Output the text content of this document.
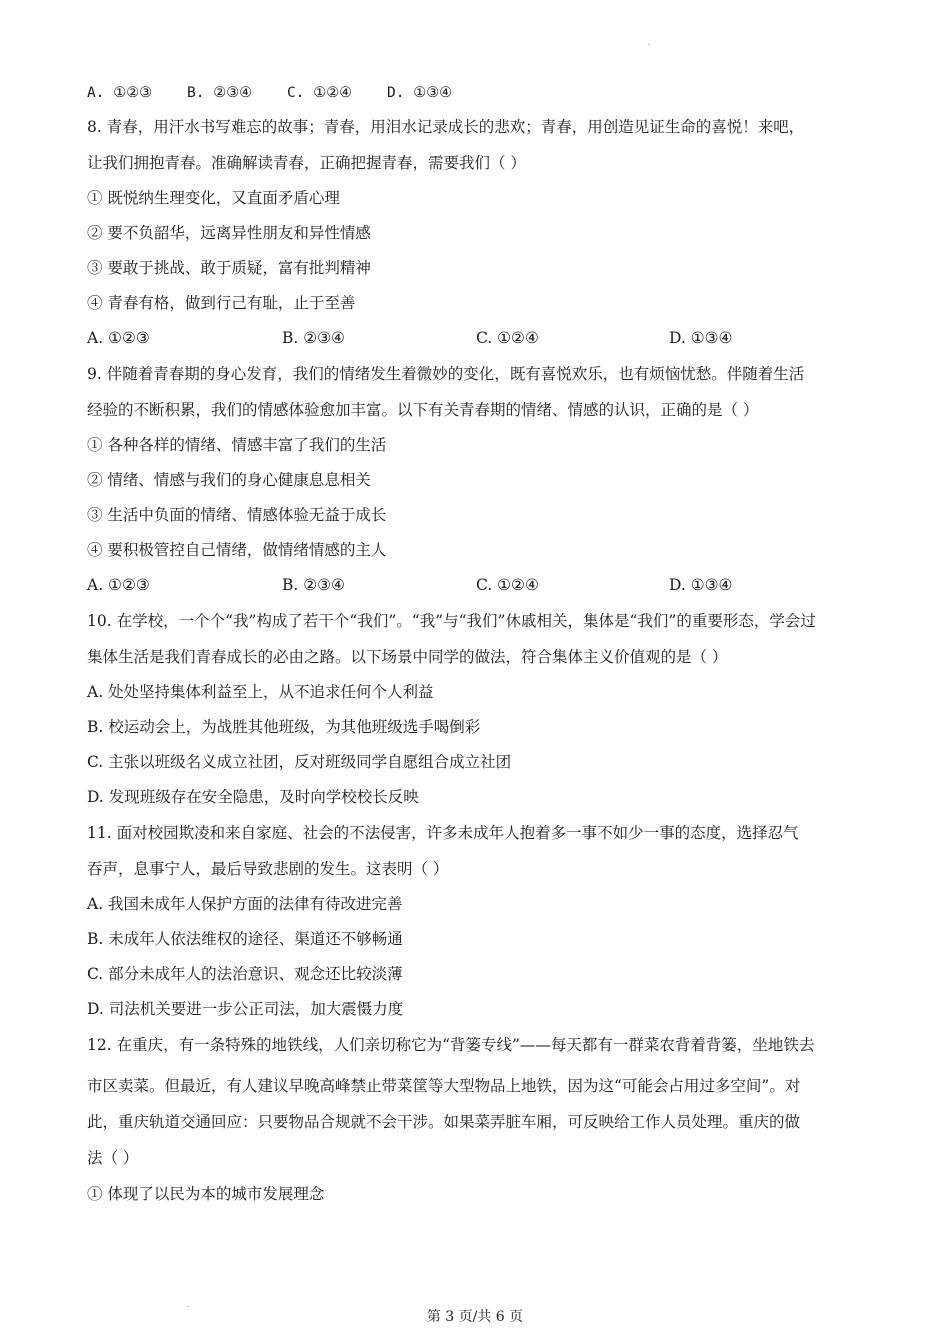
A. ①②③ B. ②③④ C. ①②④ D. ①③④
8. 青春，用汗水书写难忘的故事；青春，用泪水记录成长的悲欢；青春，用创造见证生命的喜悦！来吧，
让我们拥抱青春。准确解读青春，正确把握青春，需要我们（ ）
① 既悦纳生理变化，又直面矛盾心理
② 要不负韶华，远离异性朋友和异性情感
③ 要敢于挑战、敢于质疑，富有批判精神
④ 青春有格，做到行己有耻，止于至善
A. ①②③	B. ②③④	C. ①②④	D. ①③④
9. 伴随着青春期的身心发育，我们的情绪发生着微妙的变化，既有喜悦欢乐，也有烦恼忧愁。伴随着生活
经验的不断积累，我们的情感体验愈加丰富。以下有关青春期的情绪、情感的认识，正确的是（ ）
① 各种各样的情绪、情感丰富了我们的生活
② 情绪、情感与我们的身心健康息息相关
③ 生活中负面的情绪、情感体验无益于成长
④ 要积极管控自己情绪，做情绪情感的主人
A. ①②③	B. ②③④	C. ①②④	D. ①③④
10. 在学校，一个个“我”构成了若干个“我们”。“我”与“我们”休戚相关，集体是“我们”的重要形态，学会过
集体生活是我们青春成长的必由之路。以下场景中同学的做法，符合集体主义价值观的是（ ）
A. 处处坚持集体利益至上，从不追求任何个人利益
B. 校运动会上，为战胜其他班级，为其他班级选手喝倒彩
C. 主张以班级名义成立社团，反对班级同学自愿组合成立社团
D. 发现班级存在安全隐患，及时向学校校长反映
11. 面对校园欺凌和来自家庭、社会的不法侵害，许多未成年人抱着多一事不如少一事的态度，选择忍气
吞声，息事宁人，最后导致悲剧的发生。这表明（ ）
A. 我国未成年人保护方面的法律有待改进完善
B. 未成年人依法维权的途径、渠道还不够畅通
C. 部分未成年人的法治意识、观念还比较淡薄
D. 司法机关要进一步公正司法，加大震慑力度
12. 在重庆，有一条特殊的地铁线，人们亲切称它为“背篓专线”——每天都有一群菜农背着背篓，坐地铁去
市区卖菜。但最近，有人建议早晚高峰禁止带菜筐等大型物品上地铁，因为这“可能会占用过多空间”。对
此，重庆轨道交通回应：只要物品合规就不会干涉。如果菜弄脏车厢，可反映给工作人员处理。重庆的做
法（ ）
① 体现了以民为本的城市发展理念
第 3 页/共 6 页
